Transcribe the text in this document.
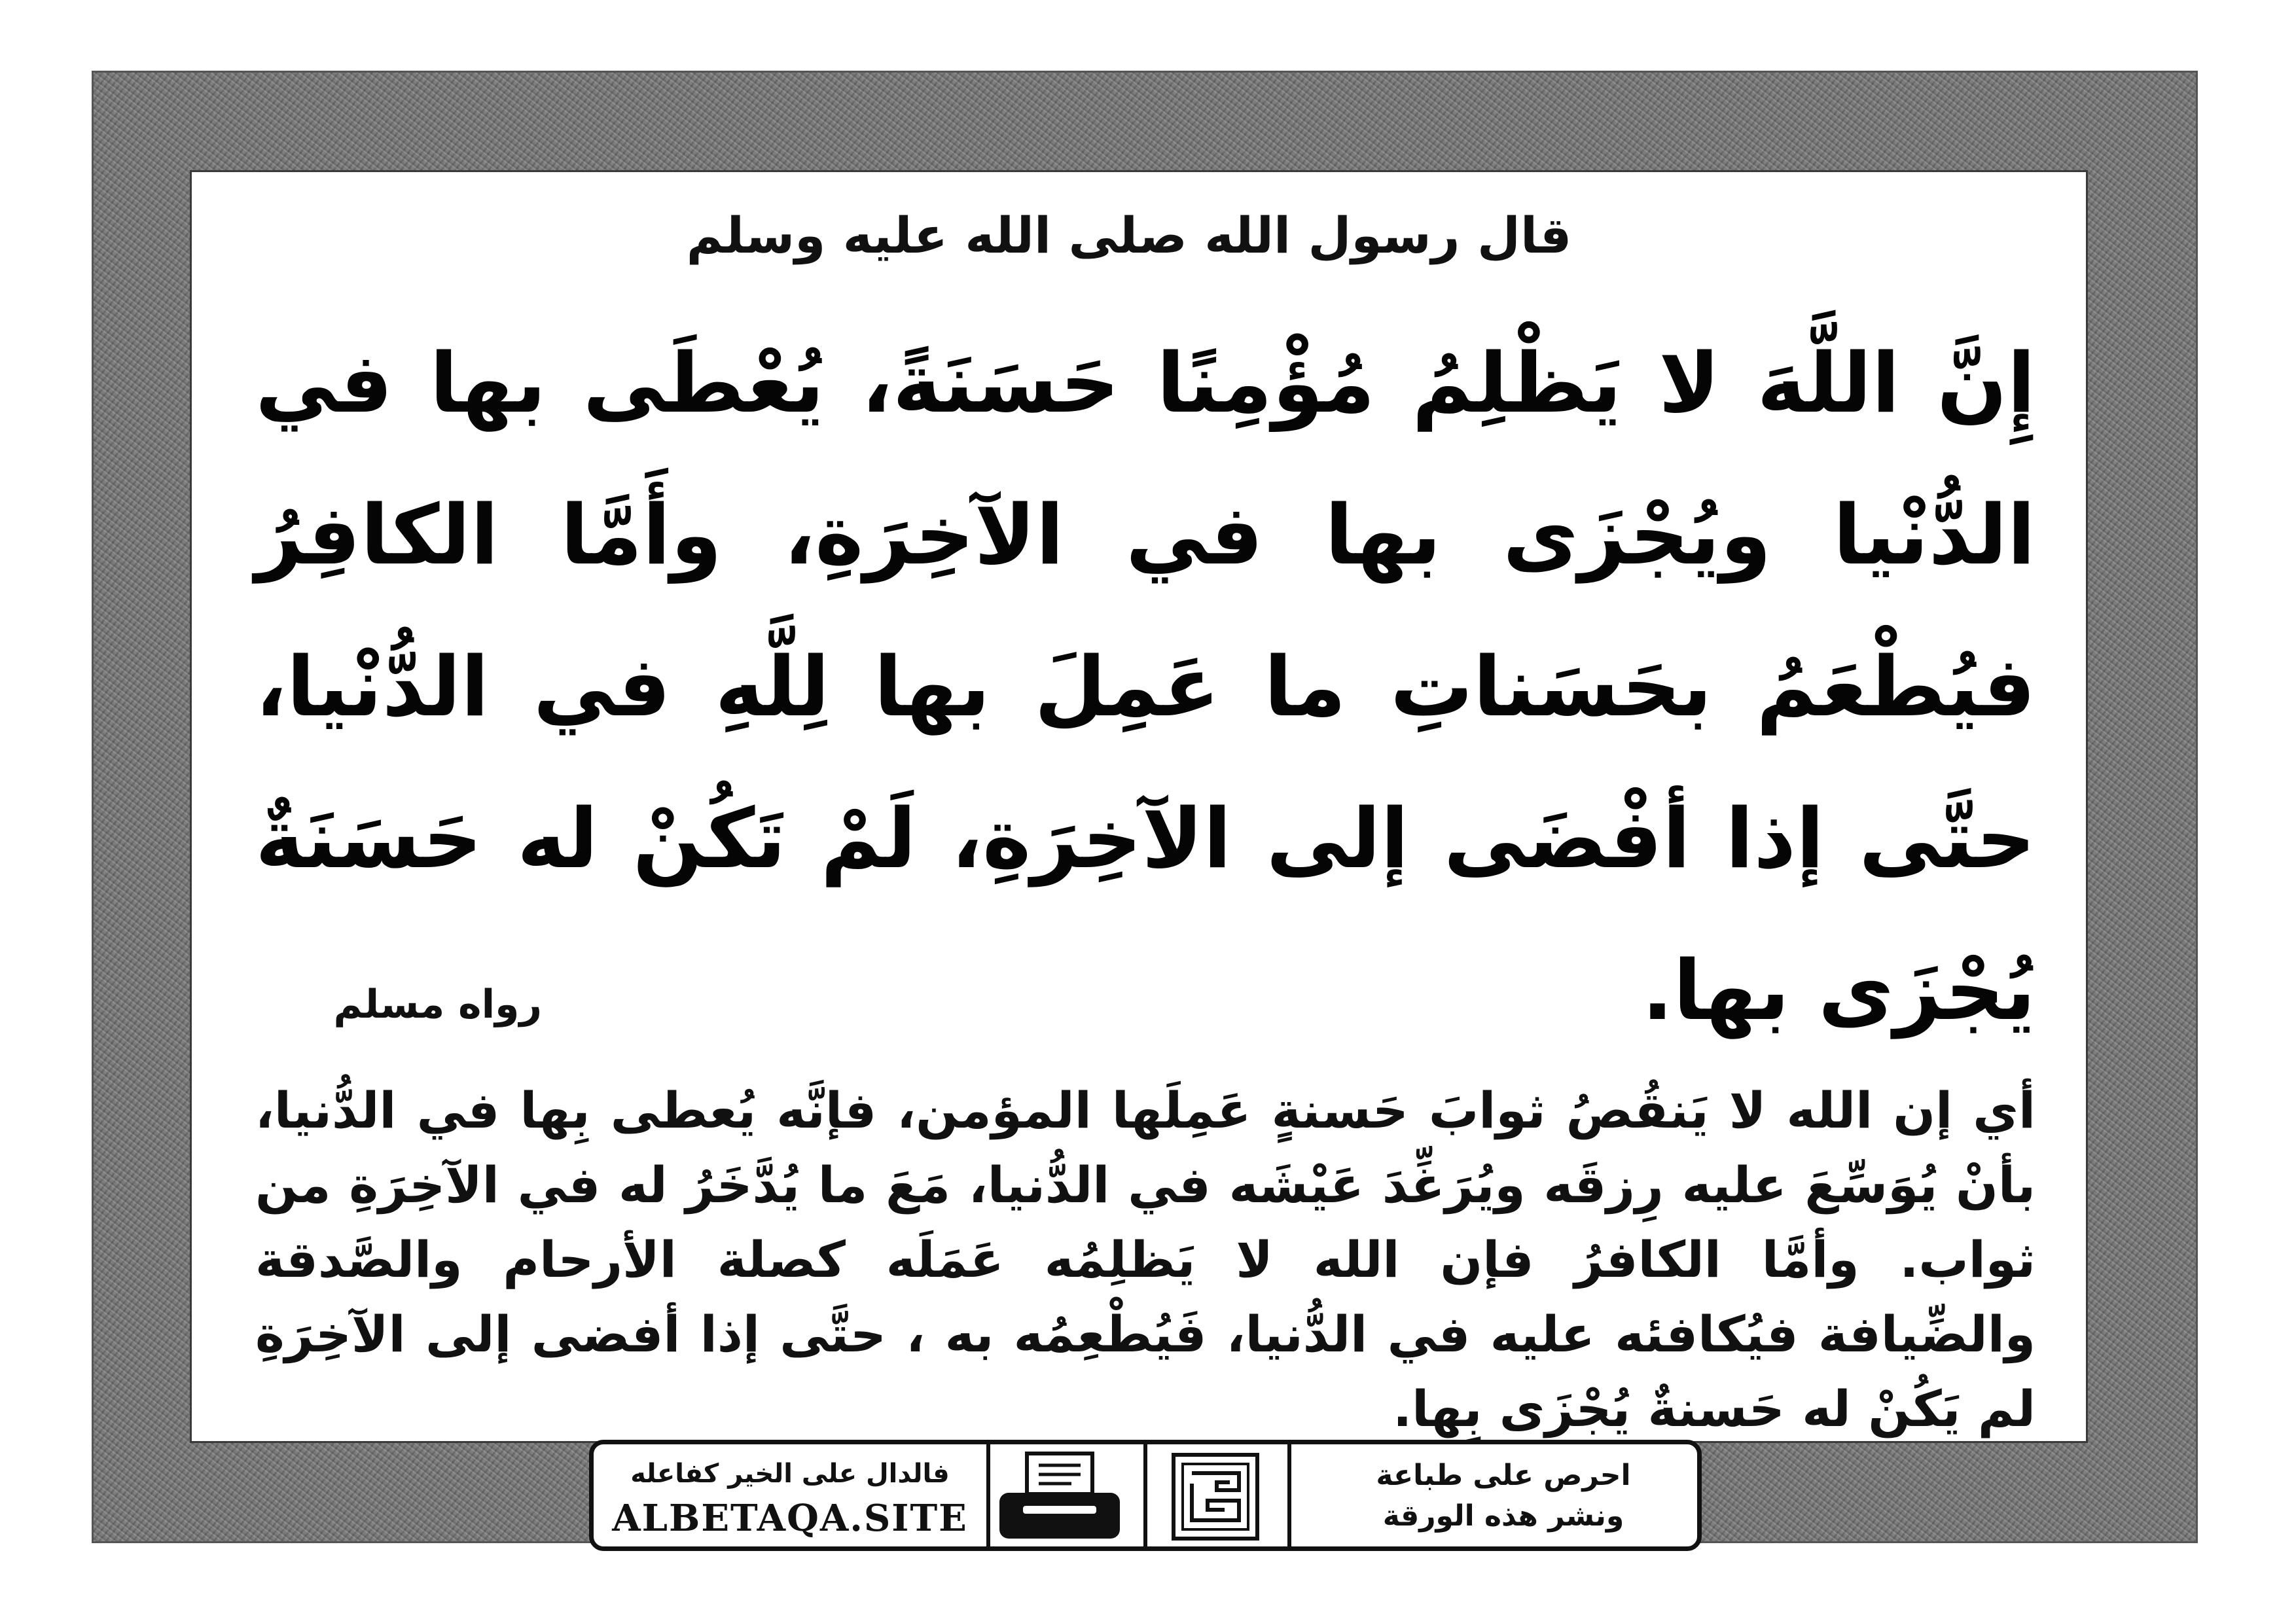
قال رسول الله صلى الله عليه وسلم
إِنَّ اللَّهَ لا يَظْلِمُ مُؤْمِنًا حَسَنَةً، يُعْطَى بها في الدُّنْيا ويُجْزَى بها في الآخِرَةِ، وأَمَّا الكافِرُ فيُطْعَمُ بحَسَناتِ ما عَمِلَ بها لِلَّهِ في الدُّنْيا، حتَّى إذا أفْضَى إلى الآخِرَةِ، لَمْ تَكُنْ له حَسَنَةٌ يُجْزَى بها.
رواه مسلم
أي إن الله لا يَنقُصُ ثوابَ حَسنةٍ عَمِلَها المؤمن، فإنَّه يُعطى بِها في الدُّنيا، بأنْ يُوَسِّعَ عليه رِزقَه ويُرَغِّدَ عَيْشَه في الدُّنيا، مَعَ ما يُدَّخَرُ له في الآخِرَةِ من ثواب. وأمَّا الكافرُ فإن الله لا يَظلِمُه عَمَلَه كصلة الأرحام والصَّدقة والضِّيافة فيُكافئه عليه في الدُّنيا، فَيُطْعِمُه به ، حتَّى إذا أفضى إلى الآخِرَةِ لم يَكُنْ له حَسنةٌ يُجْزَى بِها.
فالدال على الخير كفاعله
ALBETAQA.SITE
احرص على طباعة
ونشر هذه الورقة
